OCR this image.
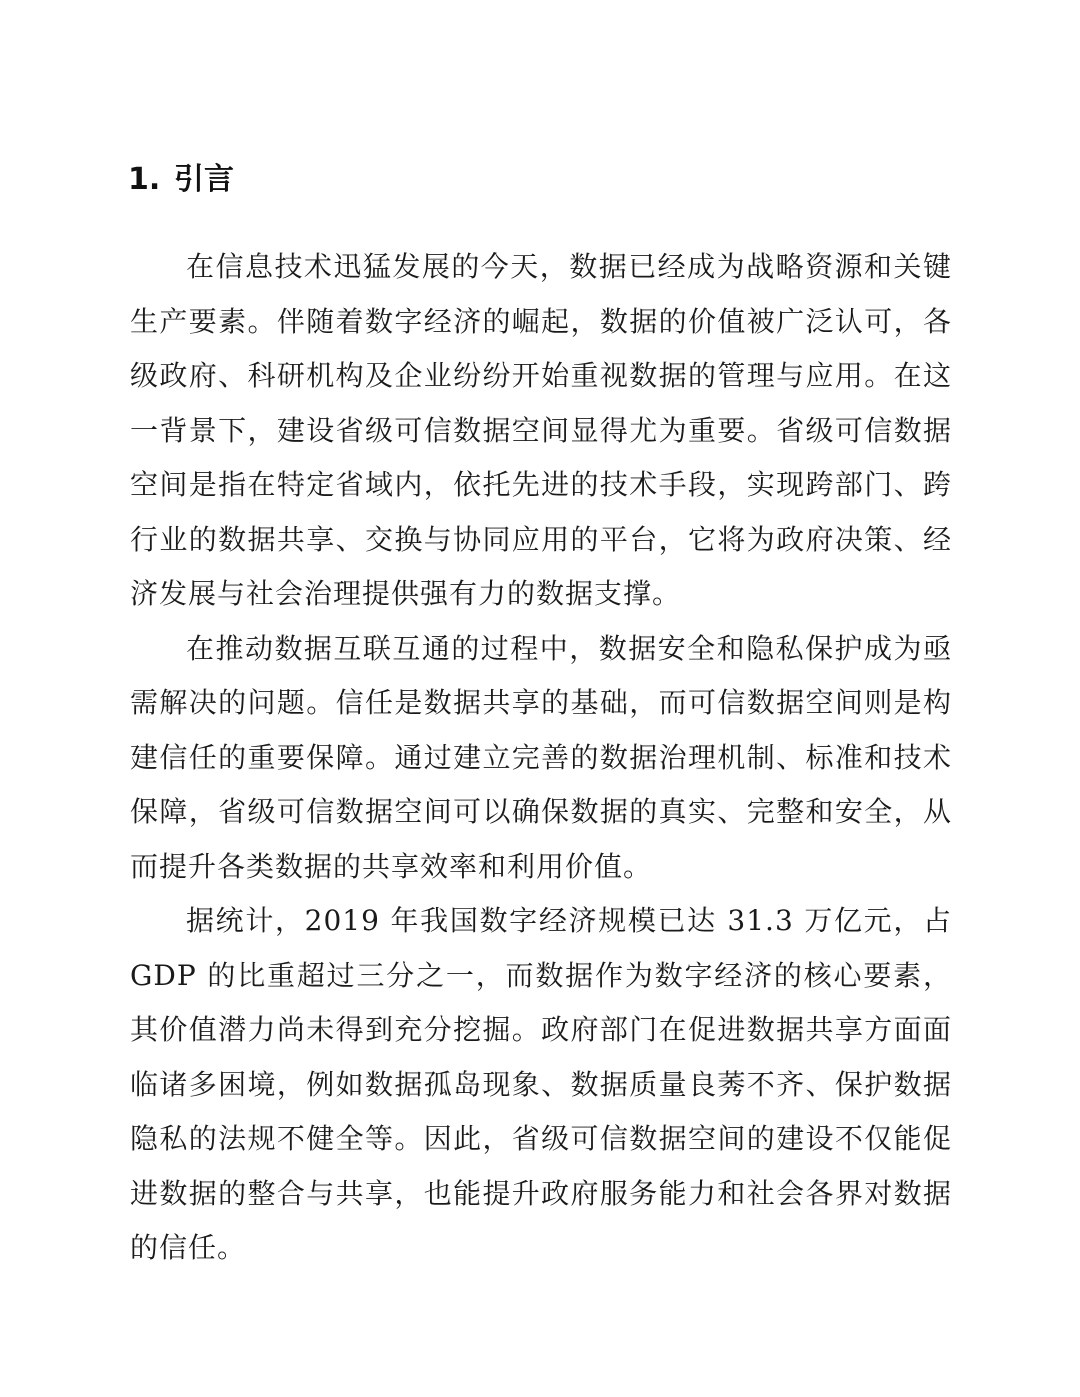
1. 引言

在信息技术迅猛发展的今天，数据已经成为战略资源和关键生产要素。伴随着数字经济的崛起，数据的价值被广泛认可，各级政府、科研机构及企业纷纷开始重视数据的管理与应用。在这一背景下，建设省级可信数据空间显得尤为重要。省级可信数据空间是指在特定省域内，依托先进的技术手段，实现跨部门、跨行业的数据共享、交换与协同应用的平台，它将为政府决策、经济发展与社会治理提供强有力的数据支撑。

在推动数据互联互通的过程中，数据安全和隐私保护成为亟需解决的问题。信任是数据共享的基础，而可信数据空间则是构建信任的重要保障。通过建立完善的数据治理机制、标准和技术保障，省级可信数据空间可以确保数据的真实、完整和安全，从而提升各类数据的共享效率和利用价值。

据统计，2019 年我国数字经济规模已达 31.3 万亿元，占 GDP 的比重超过三分之一，而数据作为数字经济的核心要素，其价值潜力尚未得到充分挖掘。政府部门在促进数据共享方面面临诸多困境，例如数据孤岛现象、数据质量良莠不齐、保护数据隐私的法规不健全等。因此，省级可信数据空间的建设不仅能促进数据的整合与共享，也能提升政府服务能力和社会各界对数据的信任。
